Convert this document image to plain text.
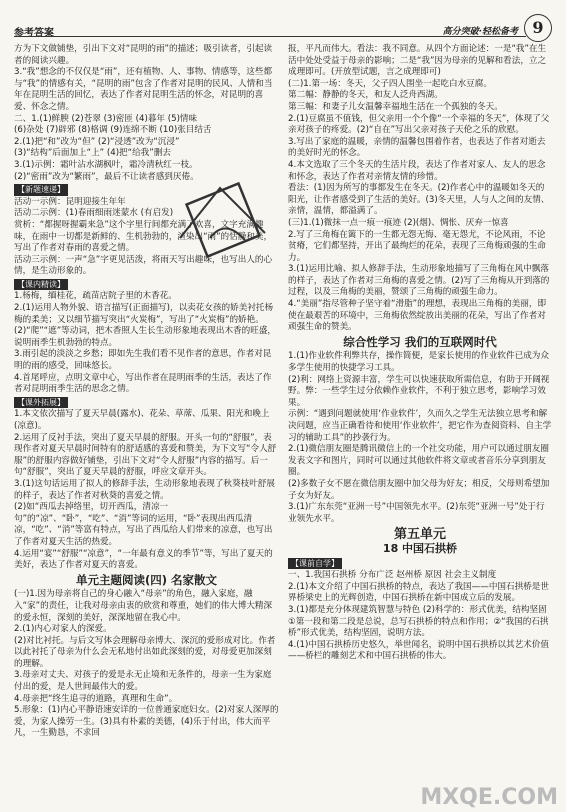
参考答案	高分突破·轻松备考 9

方为下文做铺垫，引出下文对“昆明的雨”的描述；吸引读者，引起读者的阅读兴趣。

3.“我”想念的不仅仅是“雨”，还有植物、人、事物、情感等，这些都与“我”的情感有关，“昆明的雨”包含了作者对昆明的民风、人情和当年在昆明生活的回忆，表达了作者对昆明生活的怀念，对昆明的喜爱、怀念之情。

二、1.(1)鲜腴 (2)苍翠 (3)密匝 (4)暮年 (5)情味

(6)杂处 (7)辟邪 (8)格调 (9)连绵不断 (10)张目结舌

2.(1)把“和”改为“但” (2)“浸透”改为“沉浸”

(3)“结构”后面加上“上” (4)把“给我”删去

3.(1)示例：霜叶沾水湖枫叶，霜冷清秋红一枝。

(2)“密雨”改为“繁雨”，最后不让读者感到厌倦。

【新题速递】

活动一示例：昆明迎接生年年

活动二示例：(1)春雨细雨迷蒙水 (有启发)

赏析：“都握呀握霸来急”这个字里行间都充满了欢喜，文字充满趣味，在雨中一切都是新鲜的、生机勃勃的，渲染出“雨”的恬静和美，写出了作者对春雨的喜爱之情。

活动三示例：一声“急”字更见活泼，将雨天写出趣味，也写出人的心情，是生动形象的。

【课内精读】

1.杨梅，缅桂花，疏苗店院子里的木香花。

2.(1)运用人物外貌、语言描写(正面描写)，以卖花女孩的娇美衬托杨梅的柔美；又以细节描写突出“火炭梅”，写出了“火炭梅”的娇艳。

(2)“爬”“遮”等动词，把木香照人生长生动形象地表现出木香的旺盛，说明雨季生机勃勃的特点。

3.雨引起的淡淡之乡愁；即如先生我们看不见作者的意思，作者对昆明的雨的感受，回味悠长。

4.首尾呼应，点明文章中心，写出作者在昆明雨季的生活，表达了作者对昆明雨季生活的思念之情。

【课外拓展】

1.本文依次描写了夏天早晨(露水)、花朵、草蓆、瓜果、阳光和晚上(凉意)。

2.运用了反衬手法，突出了夏天早晨的舒服。开头一句的“舒服”，表现作者对夏天早晨时间特有的舒适感的喜爱和赞美，为下文写“令人舒服”的舒服内容做好铺垫，引出下文对“令人舒服”内容的描写。后一句“舒服”，突出了夏天早晨的舒服，呼应文章开头。

3.(1)这句话运用了拟人的修辞手法，生动形象地表现了秋葵枝叶舒展的样子，表达了作者对秋葵的喜爱之情。

(2)如“西瓜去掉络里，切开西瓜，清凉一句”的“凉”、“卧”，“吃”、“消”等词的运用，“卧”表现出西瓜清凉，“吃”、“消”等富有特点，写出了西瓜给人们带来的凉意，也写出了作者对夏天生活的热爱。

4.运用“宴”“舒服”“凉意”，“一年最有意义的季节”等，写出了夏天的美好，表达了作者对夏天的喜爱。

单元主题阅读(四) 名家散文

(一)1.因为母亲将自己的身心融入“母亲”的角色，融入家庭，融入“家”的责任，让我对母亲由衷的欣赏和尊重，她们的伟大博大精深的爱永恒，深刻的美好，深深地留在我心中。

2.(1)内心对家人的深爱。

(2)对比衬托。与后文写体会理解母亲博大、深沉的爱形成对比。作者以此衬托了母亲为什么会无私地付出如此深刻的爱，对母爱更加深刻的理解。

3.母亲对丈夫、对孩子的爱是永无止境和无条件的，母亲一生为家庭付出的爱，是人世间最伟大的爱。

4.母亲把“终生追寻的道路，真理和生命”。

5.形象：(1)内心平静语速安详的一位普通家庭妇女。(2)对家人深厚的爱，为家人操劳一生。(3)具有朴素的美德，(4)乐于付出，伟大而平凡，一生勤恳，不求回

报，平凡而伟大。看法：我不同意。从四个方面论述：一是“我”在生活中处处受益于母亲的影响；二是“我”因为母亲的见解和看法，立之成理即可。(开放型试题，言之成理即可)

(二)1.第一场：冬天，父子四人围坐一起吃白水豆腐。

第二幅：静静的冬天，和友人泛舟西湖。

第三幅：和妻子儿女温馨幸福地生活在一个孤独的冬天。

2.(1)豆腐虽不值钱，但父亲用一个个像“一个幸福的冬天”，体现了父亲对孩子的疼爱。(2)“自在”写出父亲对孩子天伦之乐的欣慰。

3.写出了家庭的温暖，亲情的温馨包围着作者，也表达了作者对逝去的美好时光的怀念。

4.本文选取了三个冬天的生活片段，表达了作者对家人、友人的思念和怀念，表达了作者对亲情友情的珍惜。

看法：(1)因为所写的事都发生在冬天。(2)作者心中的温暖如冬天的阳光，让作者感受到了生活的美好。(3)冬天里，人与人之间的友情、亲情，温情，都溢满了。

(三)1.(1)微抹一点一痕一痕迹 (2)(烟)、惆怅、厌弃一惊喜

2.写了三角梅在篱下的一生都无怨无悔、毫无怨尤，不论风雨，不论贫瘠，它们都坚持，开出了最绚烂的花朵，表现了三角梅顽强的生命力。

3.(1)运用比喻、拟人修辞手法，生动形象地描写了三角梅在风中飘落的样子，表达了作者对三角梅的喜爱之情。(2)写了三角梅从开到落的过程，以及三角梅的美丽，赞颂了三角梅的顽强生命力。

4.“美丽”指尽管种子坚守着“滑脂”的理想，表现出三角梅的美丽，即使在最艰苦的环境中，三角梅依然绽放出美丽的花朵，写出了作者对顽强生命的赞美。

综合性学习 我们的互联网时代

1.(1)作业软件利弊共存，操作简便，是家长使用的作业软件已成为众多学生使用的快捷学习工具。

(2)利：网络上资源丰富，学生可以快速获取所需信息，有助于开阔视野。弊：一些学生过分依赖作业软件，不利于独立思考，影响学习效果。

示例：“遇到问题就使用‘作业软件’，久而久之学生无法独立思考和解决问题，应当正确看待和使用‘作业软件’，把它作为查阅资料、自主学习的辅助工具”的抄袭行为。

2.(1)微信朋友圈是腾讯微信上的一个社交功能，用户可以通过朋友圈发表文字和图片，同时可以通过其他软件将文章或者音乐分享到朋友圈。

(2)多数子女不愿在微信朋友圈中加父母为好友；相反，父母则希望加子女为好友。

3.(1)广东东莞“亚洲一号”中国领先水平。(2)东莞“亚洲一号”处于行业领先水平。

第五单元
18 中国石拱桥
【课前自学】

一、1.我国石拱桥 分布广泛 赵州桥 原因 社会主义制度

2.(1)本文介绍了中国石拱桥的特点，表达了我国——中国石拱桥是世界桥梁史上的光辉创造，中国石拱桥在新中国成立后的发展。

3.(1)都是充分体现建筑智慧与特色 (2)科学的：形式优美，结构坚固 ①第一段和第二段是总说，总写石拱桥的特点和作用；②“我国的石拱桥”形式优美，结构坚固，说明方法。

4.(1)中国石拱桥历史悠久，举世闻名，说明中国石拱桥以其艺术价值——桥栏的雕刻艺术和中国石拱桥的伟大。

MXQE.COM
